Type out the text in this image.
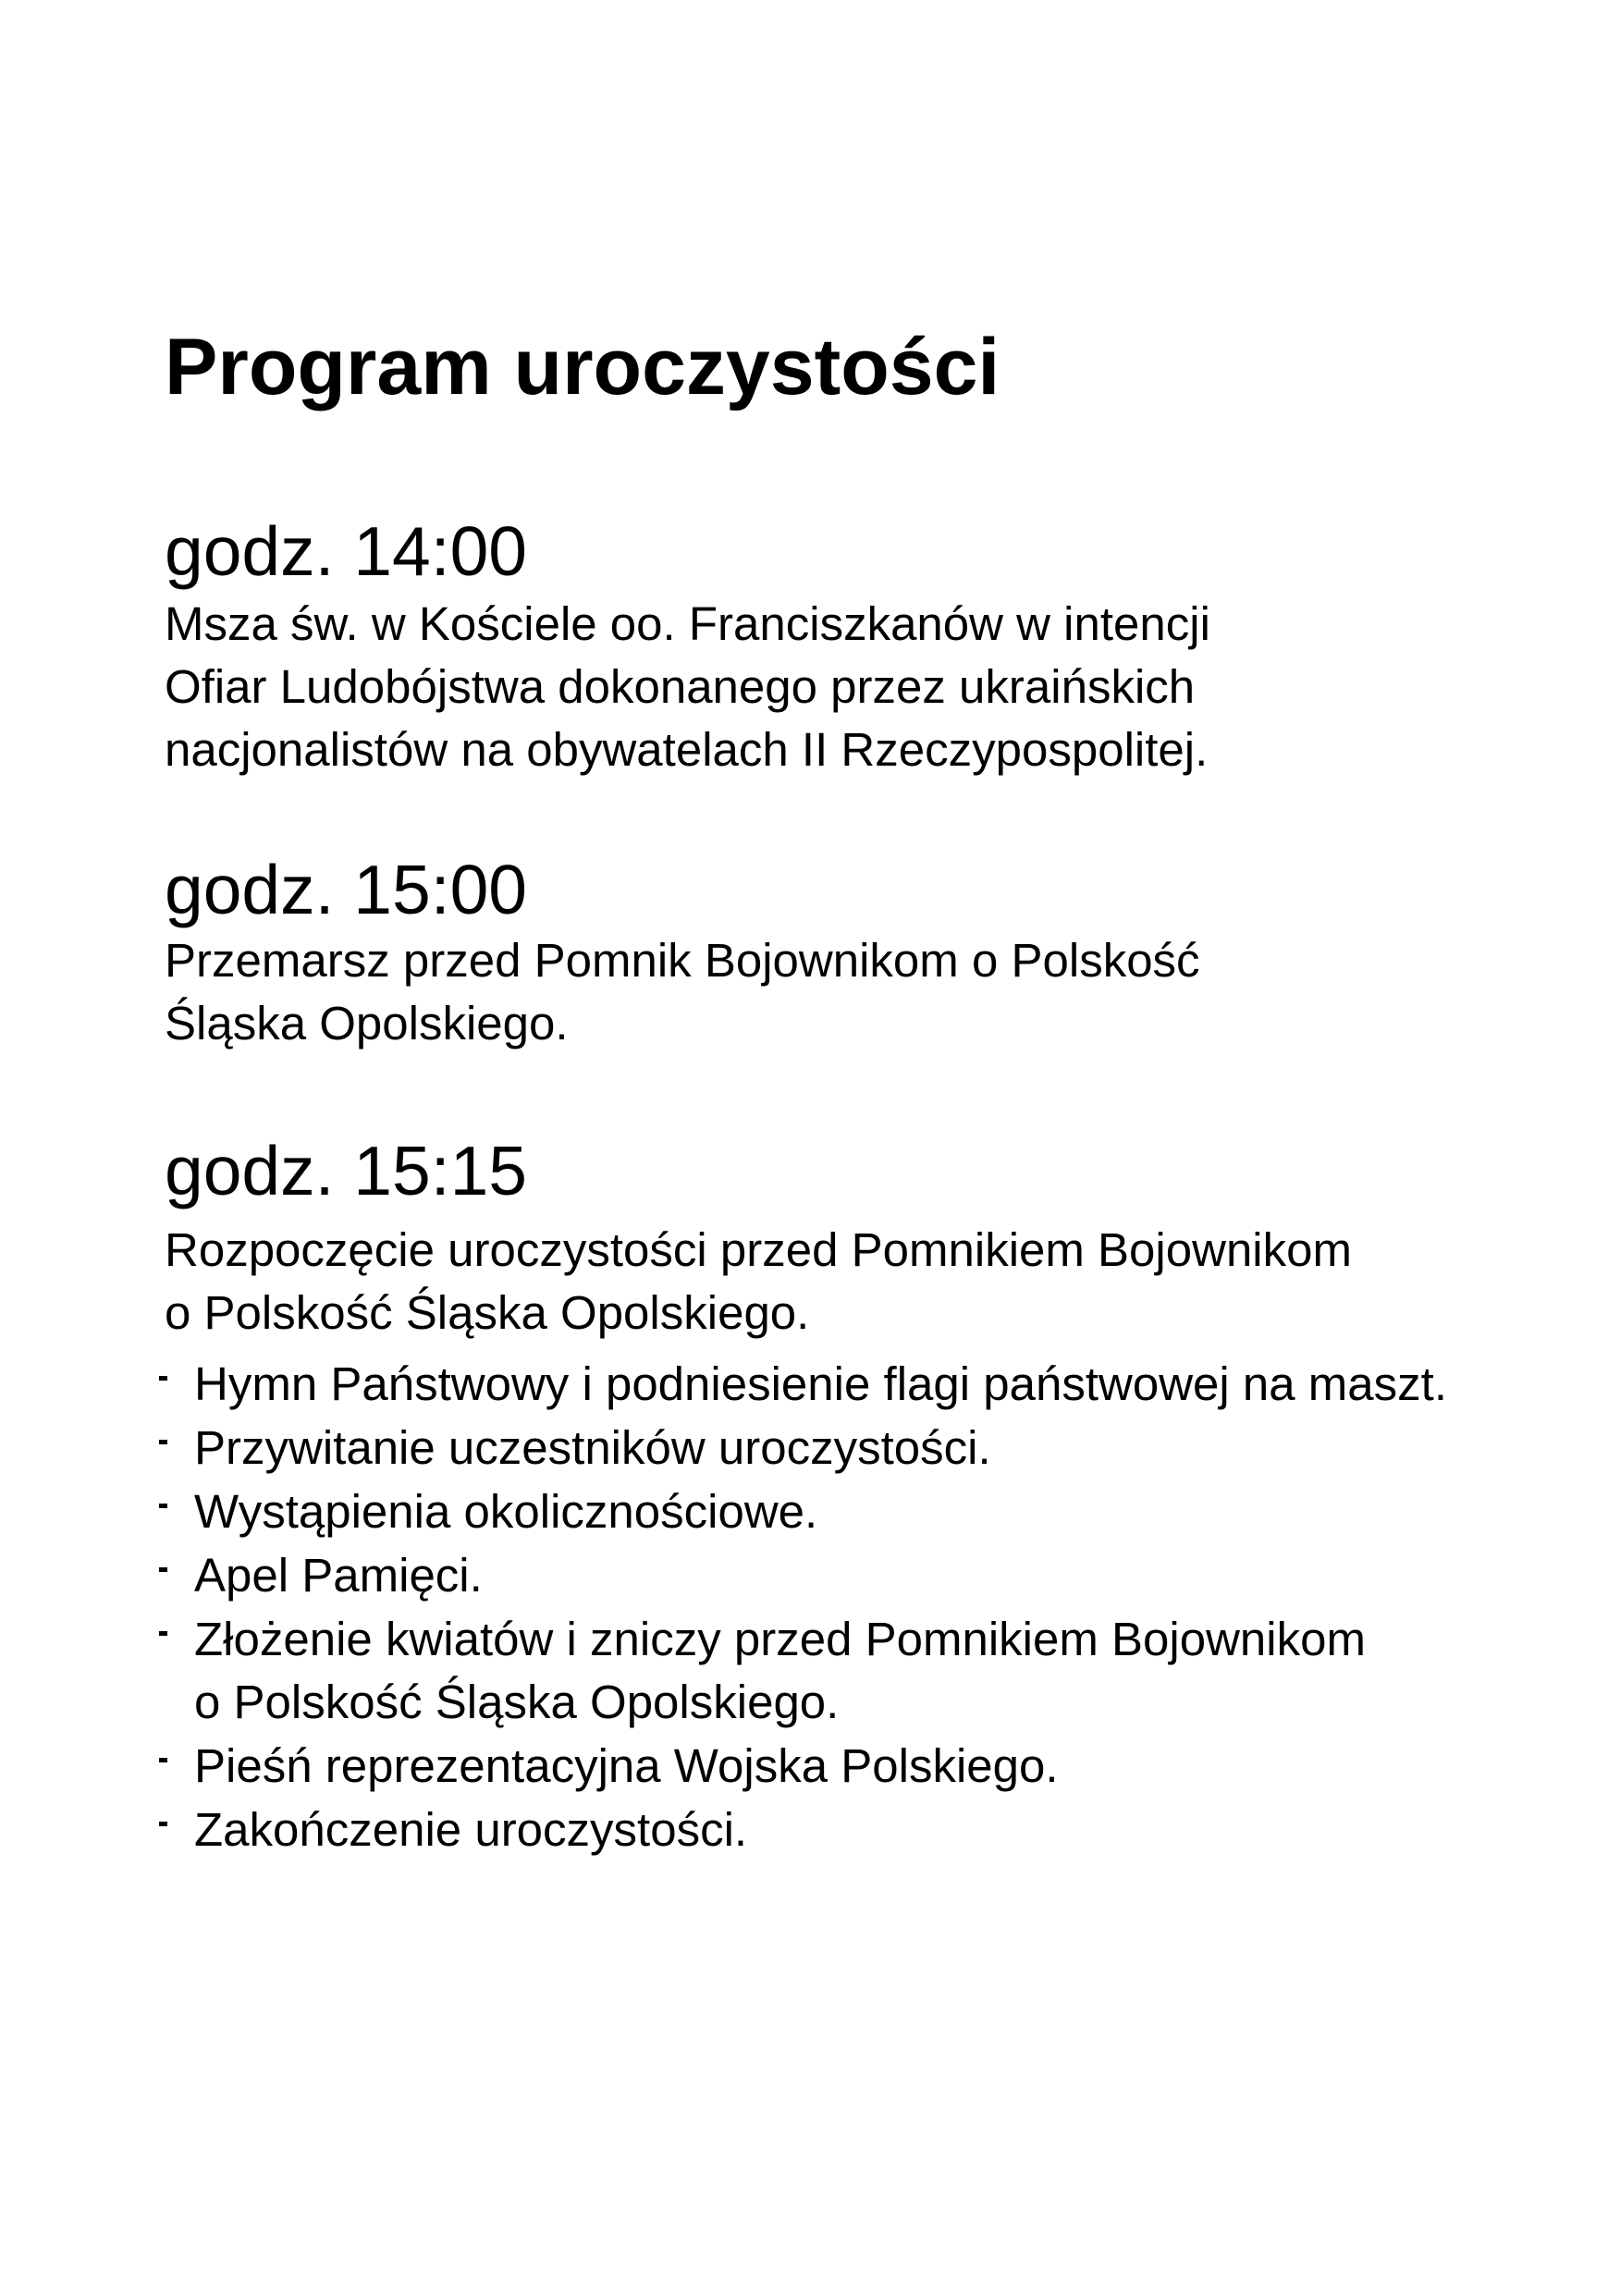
Program uroczystości
godz. 14:00
Msza św. w Kościele oo. Franciszkanów w intencji
Ofiar Ludobójstwa dokonanego przez ukraińskich
nacjonalistów na obywatelach II Rzeczypospolitej.
godz. 15:00
Przemarsz przed Pomnik Bojownikom o Polskość
Śląska Opolskiego.
godz. 15:15
Rozpoczęcie uroczystości przed Pomnikiem Bojownikom
o Polskość Śląska Opolskiego.
Hymn Państwowy i podniesienie flagi państwowej na maszt.
Przywitanie uczestników uroczystości.
Wystąpienia okolicznościowe.
Apel Pamięci.
Złożenie kwiatów i zniczy przed Pomnikiem Bojownikom
o Polskość Śląska Opolskiego.
Pieśń reprezentacyjna Wojska Polskiego.
Zakończenie uroczystości.
